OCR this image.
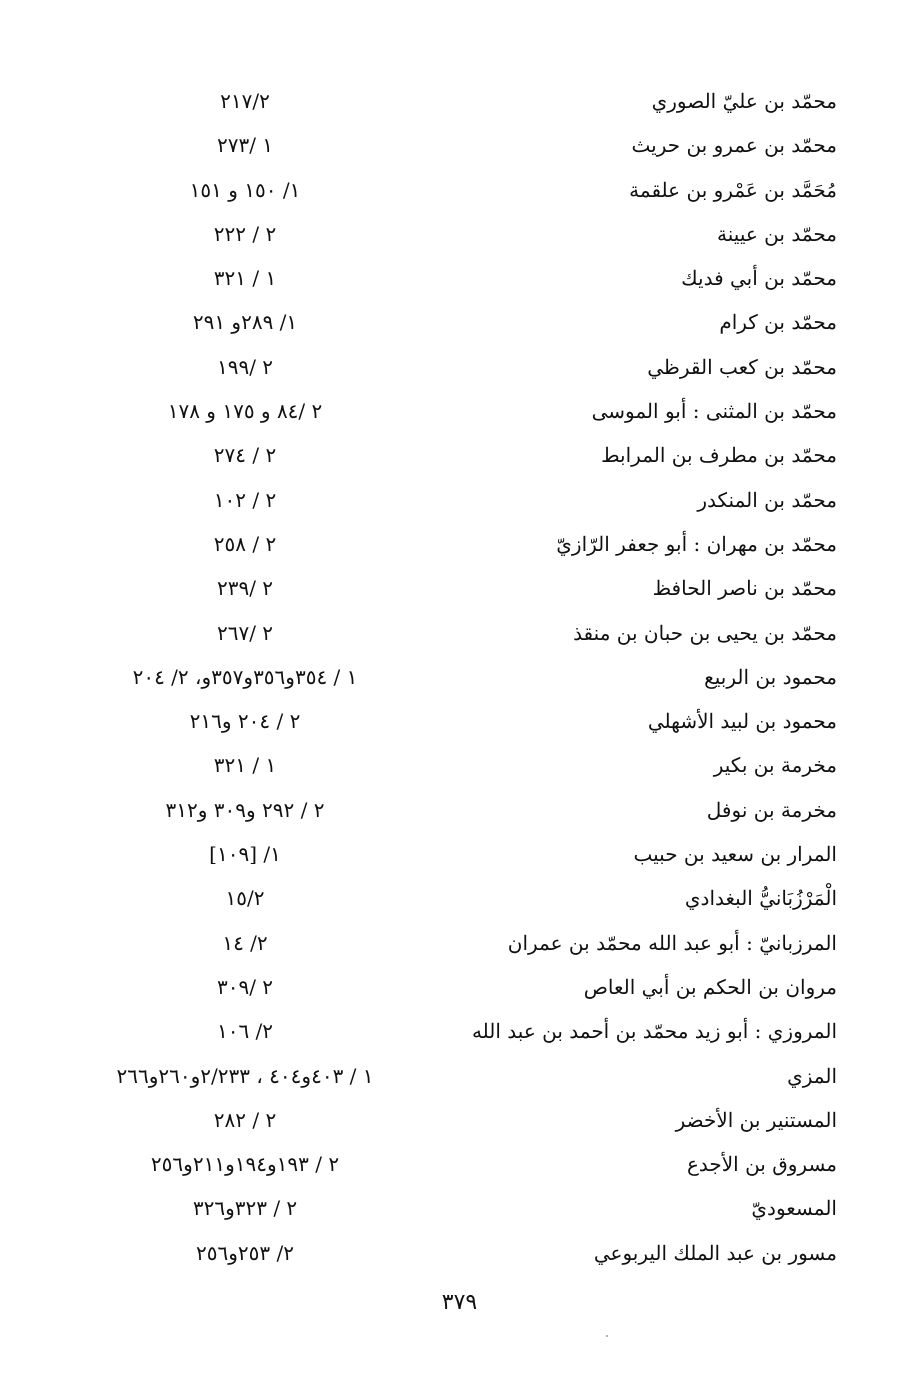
محمّد بن عليّ الصوري
٢١٧/٢
محمّد بن عمرو بن حريث
١ /٢٧٣
مُحَمَّد بن عَمْرو بن علقمة
١/ ١٥٠ و ١٥١
محمّد بن عيينة
٢ / ٢٢٢
محمّد بن أبي فديك
١ / ٣٢١
محمّد بن كرام
١/ ٢٨٩و ٢٩١
محمّد بن كعب القرظي
٢ /١٩٩
محمّد بن المثنى : أبو الموسى
٢ /٨٤ و ١٧٥ و ١٧٨
محمّد بن مطرف بن المرابط
٢ / ٢٧٤
محمّد بن المنكدر
٢ / ١٠٢
محمّد بن مهران : أبو جعفر الرّازيّ
٢ / ٢٥٨
محمّد بن ناصر الحافظ
٢ /٢٣٩
محمّد بن يحيى بن حبان بن منقذ
٢ /٢٦٧
محمود بن الربيع
١ / ٣٥٤و٣٥٦و٣٥٧و، ٢/ ٢٠٤
محمود بن لبيد الأشهلي
٢ / ٢٠٤ و٢١٦
مخرمة بن بكير
١ / ٣٢١
مخرمة بن نوفل
٢ / ٢٩٢ و٣٠٩ و٣١٢
المرار بن سعيد بن حبيب
١/ [١٠٩]
الْمَرْزُبَانيُّ البغدادي
١٥/٢
المرزبانيّ : أبو عبد الله محمّد بن عمران
٢/ ١٤
مروان بن الحكم بن أبي العاص
٢ /٣٠٩
المروزي : أبو زيد محمّد بن أحمد بن عبد الله
٢/ ١٠٦
المزي
١ / ٤٠٣و٤٠٤ ، ٢/٢٣٣و٢٦٠و٢٦٦
المستنير بن الأخضر
٢ / ٢٨٢
مسروق بن الأجدع
٢ / ١٩٣و١٩٤و٢١١و٢٥٦
المسعوديّ
٢ / ٣٢٣و٣٢٦
مسور بن عبد الملك اليربوعي
٢/ ٢٥٣و٢٥٦
٣٧٩
